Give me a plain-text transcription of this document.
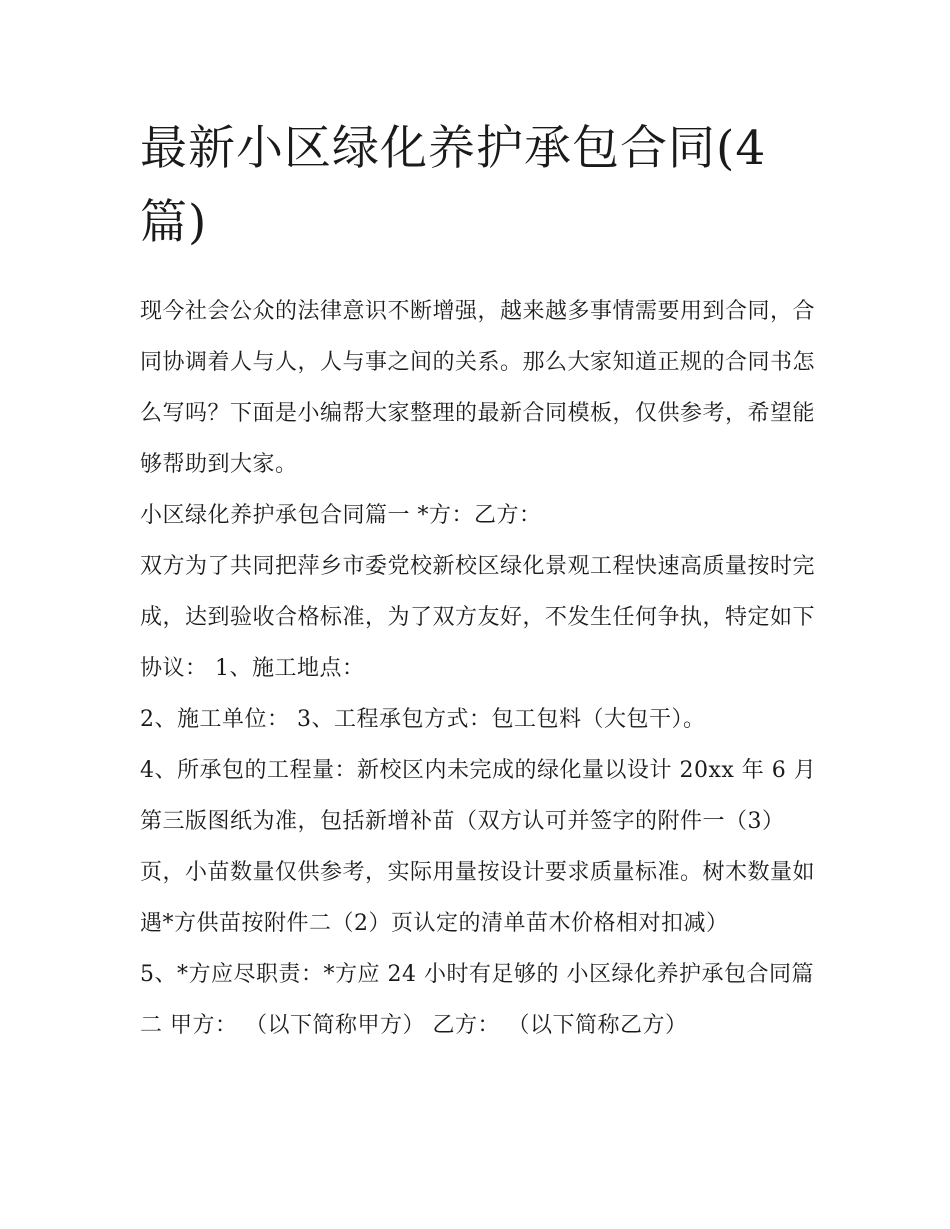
最新小区绿化养护承包合同(4篇)

现今社会公众的法律意识不断增强，越来越多事情需要用到合同，合同协调着人与人，人与事之间的关系。那么大家知道正规的合同书怎么写吗？下面是小编帮大家整理的最新合同模板，仅供参考，希望能够帮助到大家。

小区绿化养护承包合同篇一 *方：乙方：

双方为了共同把萍乡市委党校新校区绿化景观工程快速高质量按时完成，达到验收合格标准，为了双方友好，不发生任何争执，特定如下协议： 1、施工地点：

2、施工单位： 3、工程承包方式：包工包料（大包干）。

4、所承包的工程量：新校区内未完成的绿化量以设计 20xx 年 6 月第三版图纸为准，包括新增补苗（双方认可并签字的附件一（3）页，小苗数量仅供参考，实际用量按设计要求质量标准。树木数量如遇*方供苗按附件二（2）页认定的清单苗木价格相对扣减）

5、*方应尽职责：*方应 24 小时有足够的 小区绿化养护承包合同篇二 甲方： （以下简称甲方） 乙方： （以下简称乙方）
